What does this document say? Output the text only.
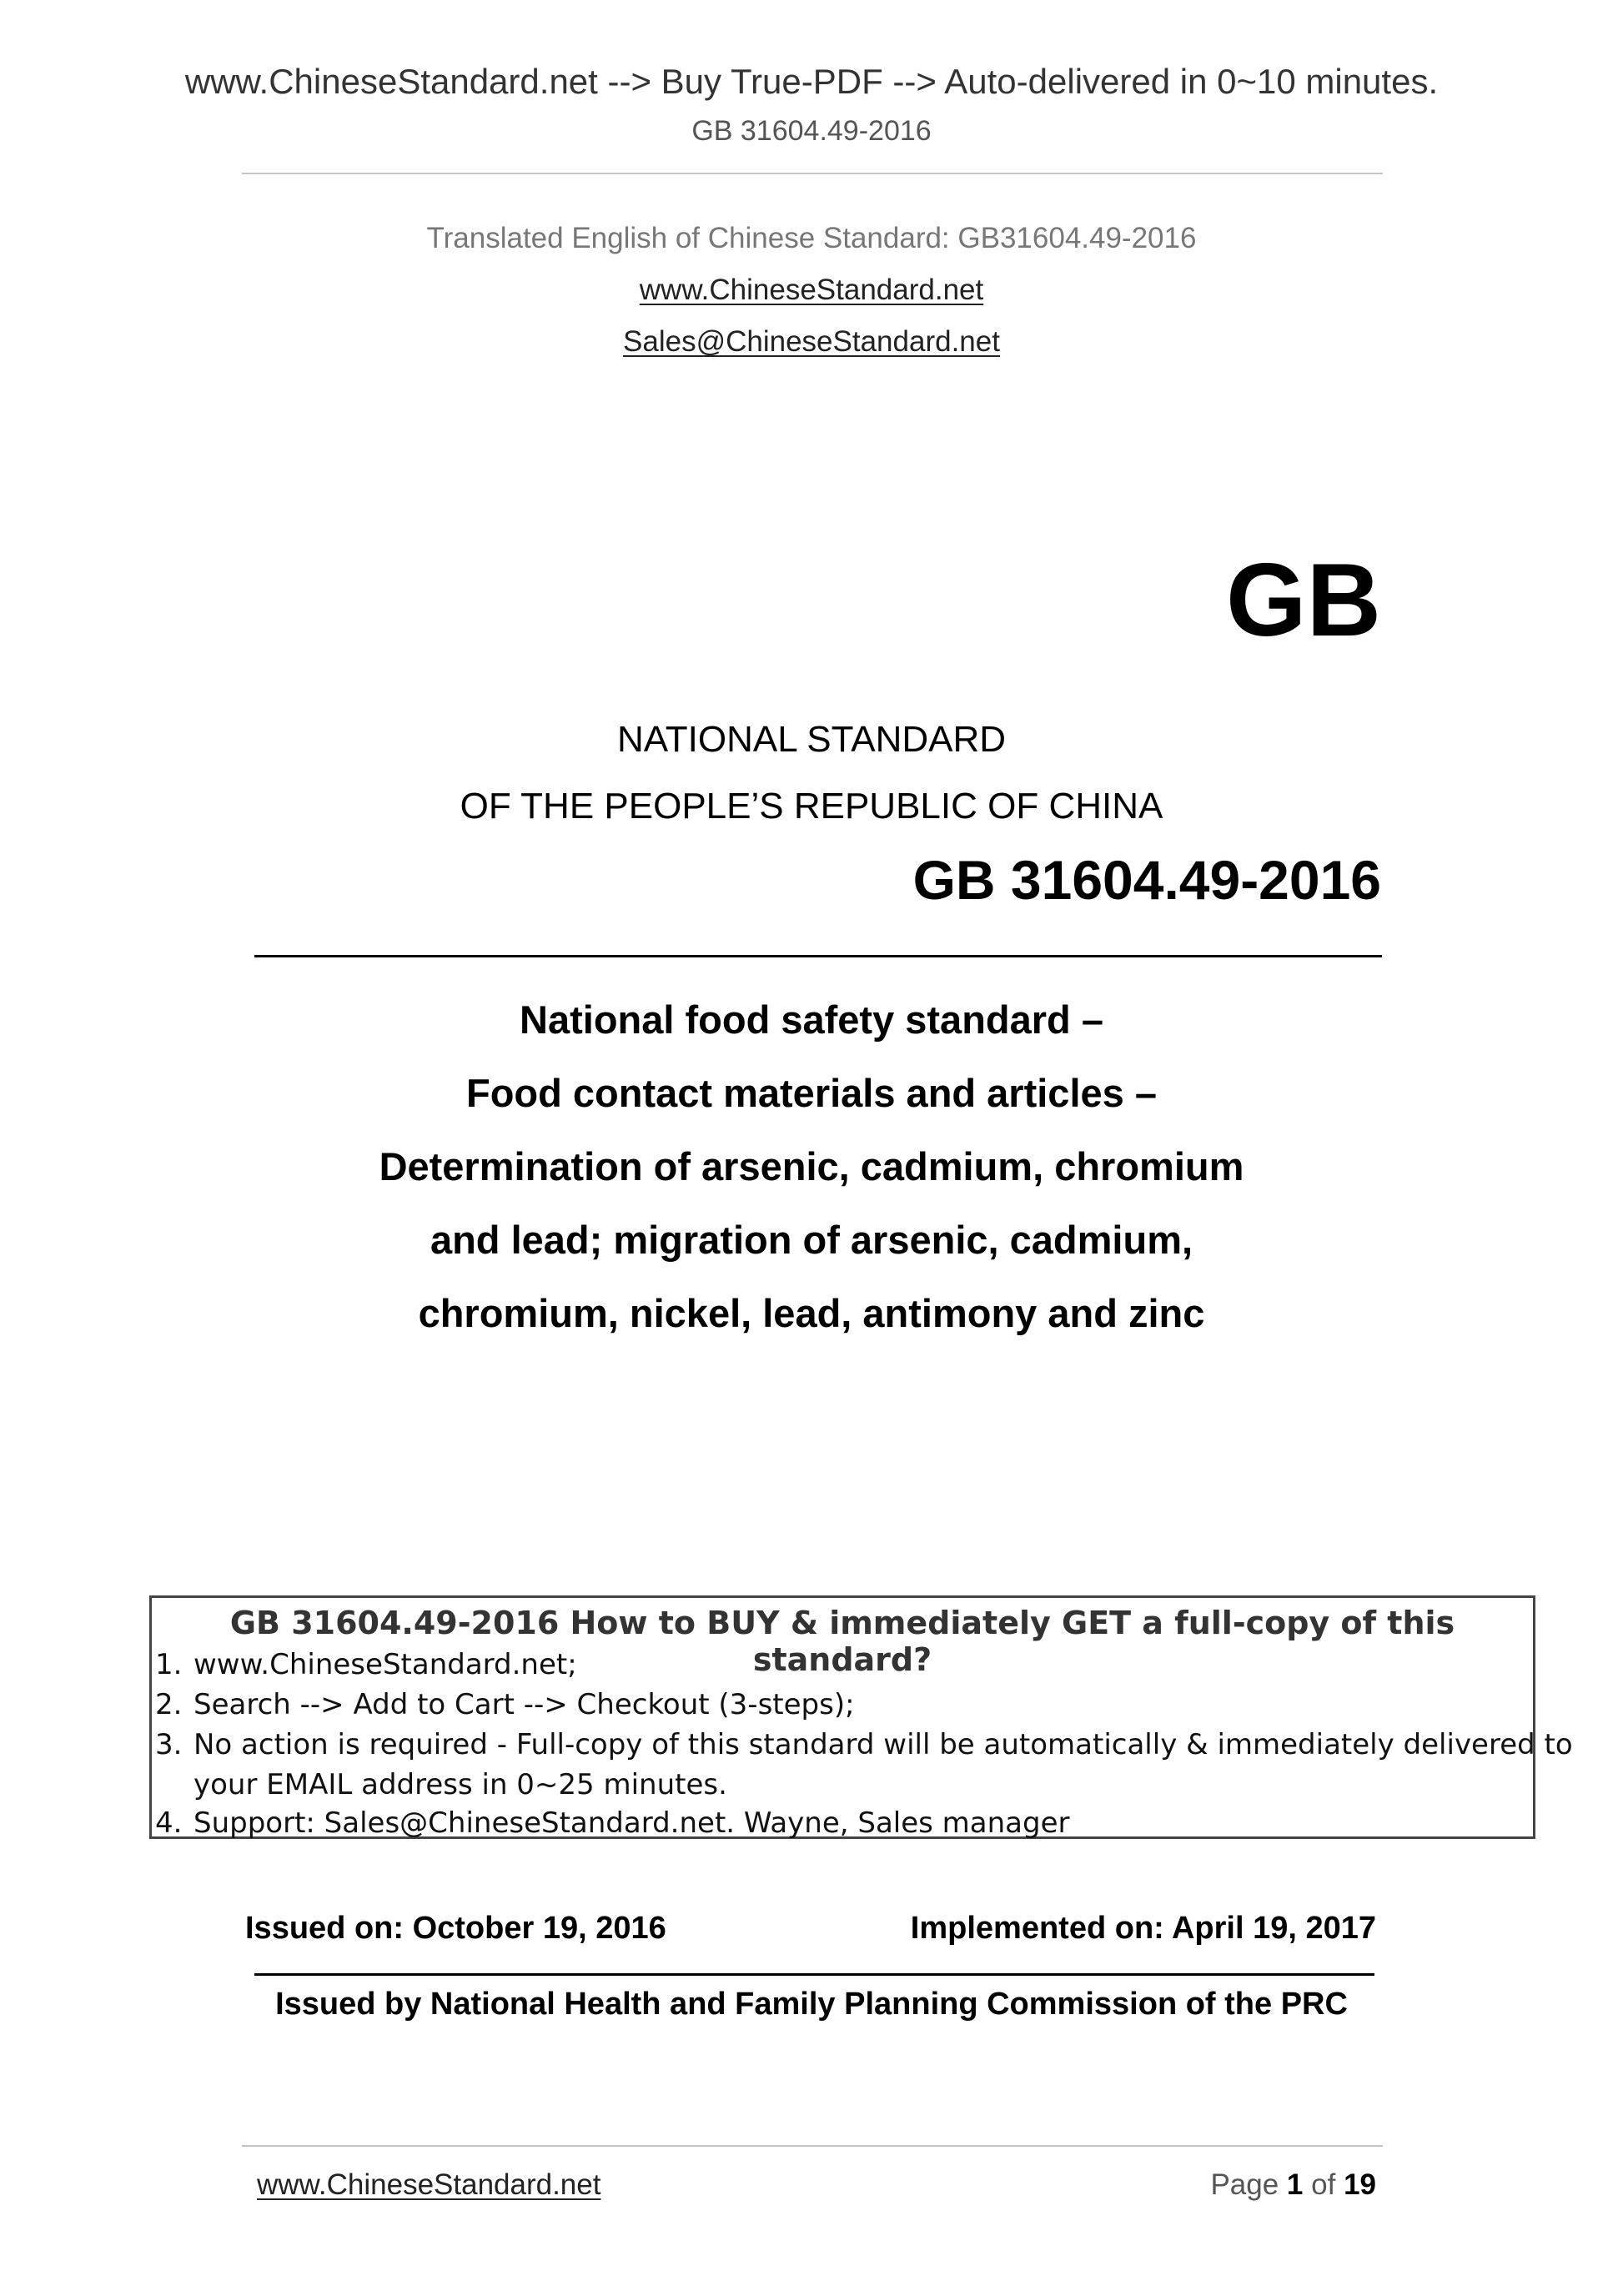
www.ChineseStandard.net --> Buy True-PDF --> Auto-delivered in 0~10 minutes.
GB 31604.49-2016
Translated English of Chinese Standard: GB31604.49-2016
www.ChineseStandard.net
Sales@ChineseStandard.net
GB
NATIONAL STANDARD
OF THE PEOPLE’S REPUBLIC OF CHINA
GB 31604.49-2016
National food safety standard –
Food contact materials and articles –
Determination of arsenic, cadmium, chromium
and lead; migration of arsenic, cadmium,
chromium, nickel, lead, antimony and zinc
GB 31604.49-2016 How to BUY & immediately GET a full-copy of this standard?
1. www.ChineseStandard.net;
2. Search --> Add to Cart --> Checkout (3-steps);
3. No action is required - Full-copy of this standard will be automatically & immediately delivered to
your EMAIL address in 0~25 minutes.
4. Support: Sales@ChineseStandard.net. Wayne, Sales manager
Issued on: October 19, 2016	Implemented on: April 19, 2017
Issued by National Health and Family Planning Commission of the PRC
www.ChineseStandard.net	Page 1 of 19
